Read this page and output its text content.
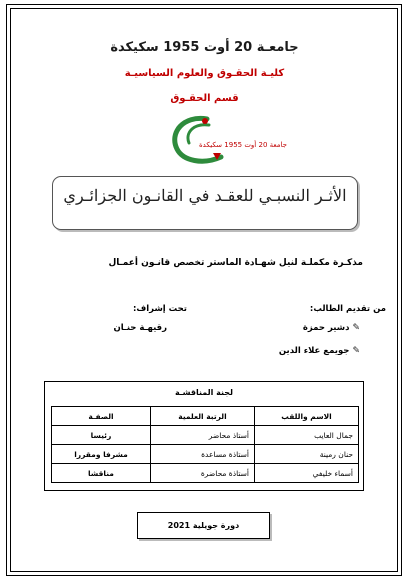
جامعـة 20 أوت 1955 سكيكدة
كليـة الحقـوق والعلوم السياسيـة
قسم الحقـوق
جامعة 20 أوت 1955 سكيكدة
الأثـر النسبـي للعقـد في القانـون الجزائـري
مذكـرة مكملـة لنيل شهـادة الماستر تخصص قانـون أعمـال
من تقديم الطالب:
تحت إشراف:
✎
دشير حمزة
✎
جويمع علاء الدين
رقيهـة حنـان
لجنة المناقشـة
الاسم واللقب	الرتبة العلمية	الصفـة
جمال العايب	أستاذ محاضر	رئيسا
حنان رمينة	أستاذة مساعدة	مشرفا ومقررا
أسماء خليفي	أستاذة محاضرة	مناقشا
دورة جويلية 2021
